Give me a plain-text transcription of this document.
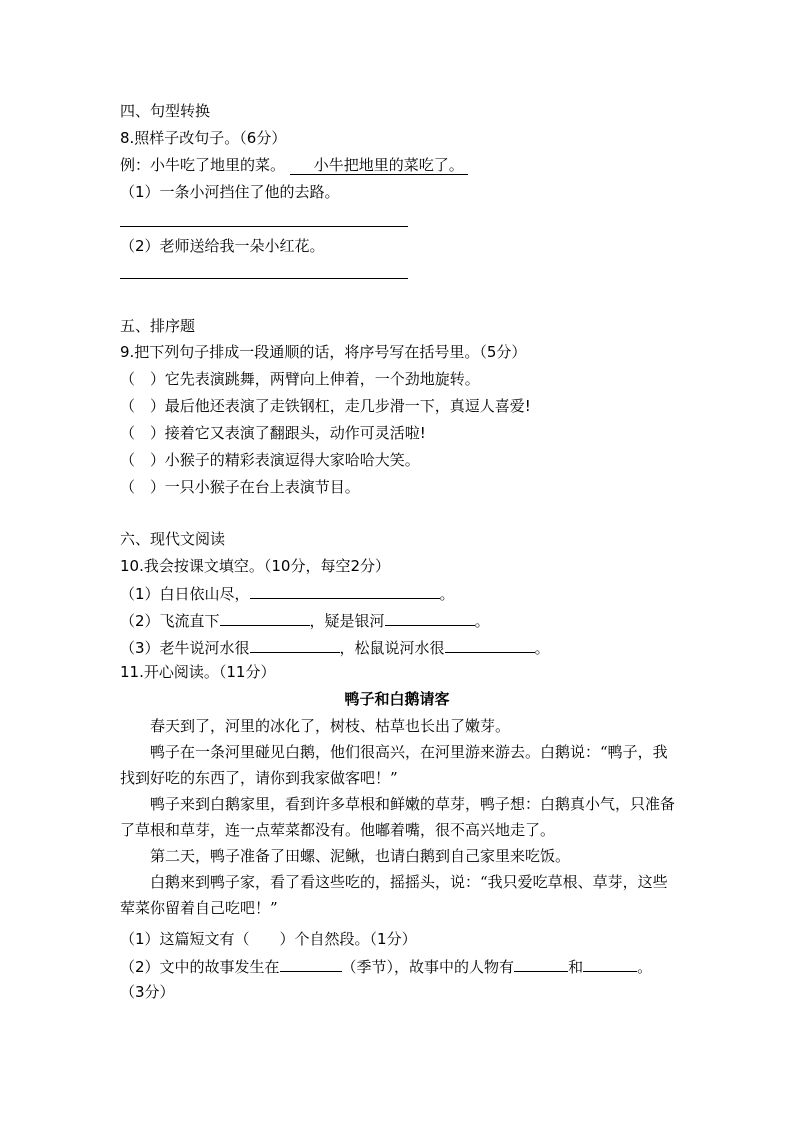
四、句型转换
8.照样子改句子。（6分）
例：小牛吃了地里的菜。 小牛把地里的菜吃了。
（1）一条小河挡住了他的去路。
（2）老师送给我一朵小红花。
五、排序题
9.把下列句子排成一段通顺的话，将序号写在括号里。（5分）
（　） 它先表演跳舞，两臂向上伸着，一个劲地旋转。
（　） 最后他还表演了走铁钢杠，走几步滑一下，真逗人喜爱!
（　） 接着它又表演了翻跟头，动作可灵活啦!
（　） 小猴子的精彩表演逗得大家哈哈大笑。
（　） 一只小猴子在台上表演节目。
六、现代文阅读
10.我会按课文填空。（10分，每空2分）
（1）白日依山尽，	。
（2）飞流直下	，疑是银河	。
（3）老牛说河水很	，松鼠说河水很	。
11.开心阅读。（11分）
鸭子和白鹅请客
春天到了，河里的冰化了，树枝、枯草也长出了嫩芽。
鸭子在一条河里碰见白鹅，他们很高兴，在河里游来游去。白鹅说：“鸭子，我找到好吃的东西了，请你到我家做客吧！”
鸭子来到白鹅家里，看到许多草根和鲜嫩的草芽，鸭子想：白鹅真小气，只准备了草根和草芽，连一点荤菜都没有。他嘟着嘴，很不高兴地走了。
第二天，鸭子准备了田螺、泥鳅，也请白鹅到自己家里来吃饭。
白鹅来到鸭子家，看了看这些吃的，摇摇头，说：“我只爱吃草根、草芽，这些荤菜你留着自己吃吧！”
（1）这篇短文有（　　）个自然段。（1分）
（2）文中的故事发生在	（季节），故事中的人物有	和	。
（3分）
